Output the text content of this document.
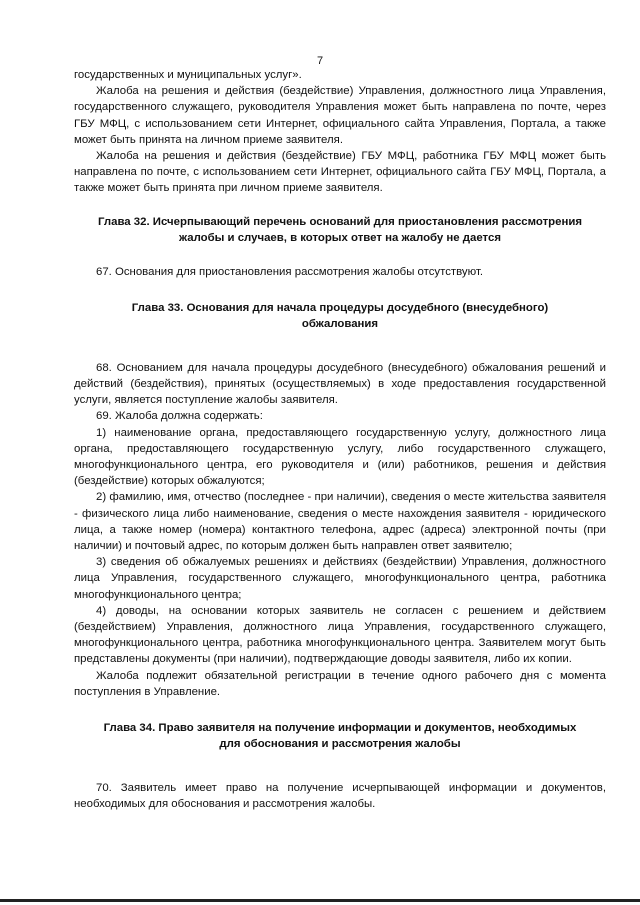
7

государственных и муниципальных услуг».

Жалоба на решения и действия (бездействие) Управления, должностного лица Управления, государственного служащего, руководителя Управления может быть направлена по почте, через ГБУ МФЦ, с использованием сети Интернет, официального сайта Управления, Портала, а также может быть принята на личном приеме заявителя.

Жалоба на решения и действия (бездействие) ГБУ МФЦ, работника ГБУ МФЦ может быть направлена по почте, с использованием сети Интернет, официального сайта ГБУ МФЦ, Портала, а также может быть принята при личном приеме заявителя.

Глава 32. Исчерпывающий перечень оснований для приостановления рассмотрения жалобы и случаев, в которых ответ на жалобу не дается

67. Основания для приостановления рассмотрения жалобы отсутствуют.

Глава 33. Основания для начала процедуры досудебного (внесудебного) обжалования

68. Основанием для начала процедуры досудебного (внесудебного) обжалования решений и действий (бездействия), принятых (осуществляемых) в ходе предоставления государственной услуги, является поступление жалобы заявителя.

69. Жалоба должна содержать:

1) наименование органа, предоставляющего государственную услугу, должностного лица органа, предоставляющего государственную услугу, либо государственного служащего, многофункционального центра, его руководителя и (или) работников, решения и действия (бездействие) которых обжалуются;

2) фамилию, имя, отчество (последнее - при наличии), сведения о месте жительства заявителя - физического лица либо наименование, сведения о месте нахождения заявителя - юридического лица, а также номер (номера) контактного телефона, адрес (адреса) электронной почты (при наличии) и почтовый адрес, по которым должен быть направлен ответ заявителю;

3) сведения об обжалуемых решениях и действиях (бездействии) Управления, должностного лица Управления, государственного служащего, многофункционального центра, работника многофункционального центра;

4) доводы, на основании которых заявитель не согласен с решением и действием (бездействием) Управления, должностного лица Управления, государственного служащего, многофункционального центра, работника многофункционального центра. Заявителем могут быть представлены документы (при наличии), подтверждающие доводы заявителя, либо их копии.

Жалоба подлежит обязательной регистрации в течение одного рабочего дня с момента поступления в Управление.

Глава 34. Право заявителя на получение информации и документов, необходимых для обоснования и рассмотрения жалобы

70. Заявитель имеет право на получение исчерпывающей информации и документов, необходимых для обоснования и рассмотрения жалобы.
